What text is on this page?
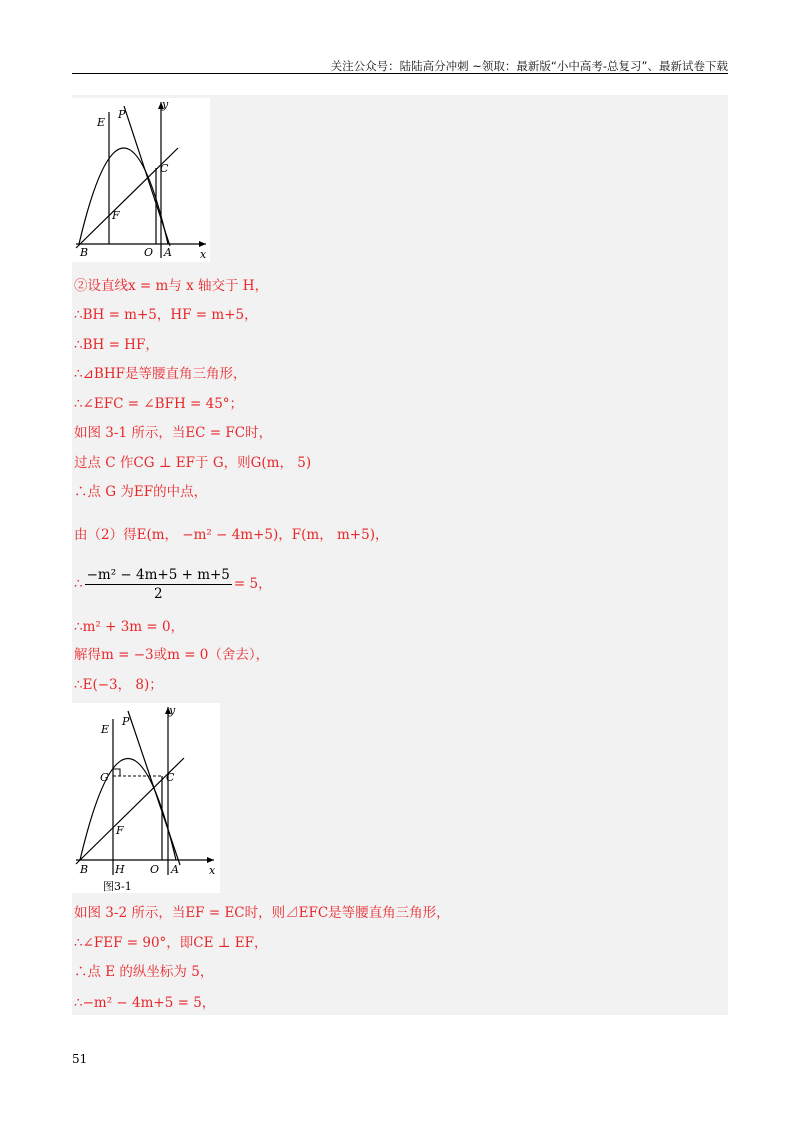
关注公众号：陆陆高分冲刺 ~领取：最新版“小中高考-总复习”、最新试卷下载
y
x
E
P
C
F
B	O A
②设直线x = m与 x 轴交于 H，
∴BH = m+5，HF = m+5，
∴BH = HF，
∴⊿BHF是等腰直角三角形，
∴∠EFC = ∠BFH = 45°；
如图 3-1 所示，当EC = FC时，
过点 C 作CG ⊥ EF于 G，则G(m， 5)
∴点 G 为EF的中点，
由（2）得E(m， −m² − 4m+5)，F(m， m+5)，
∴ $\frac{\text{−m² − 4m+5 + m+5}}{2} = 5$，
∴m² + 3m = 0，
解得m = −3或m = 0（舍去），
∴E(−3， 8)；
y
x
E
P
G	C
F
B H O A
图3-1
如图 3-2 所示，当EF = EC时，则⊿EFC是等腰直角三角形，
∴∠FEF = 90°，即CE ⊥ EF，
∴点 E 的纵坐标为 5，
∴−m² − 4m+5 = 5，
51
